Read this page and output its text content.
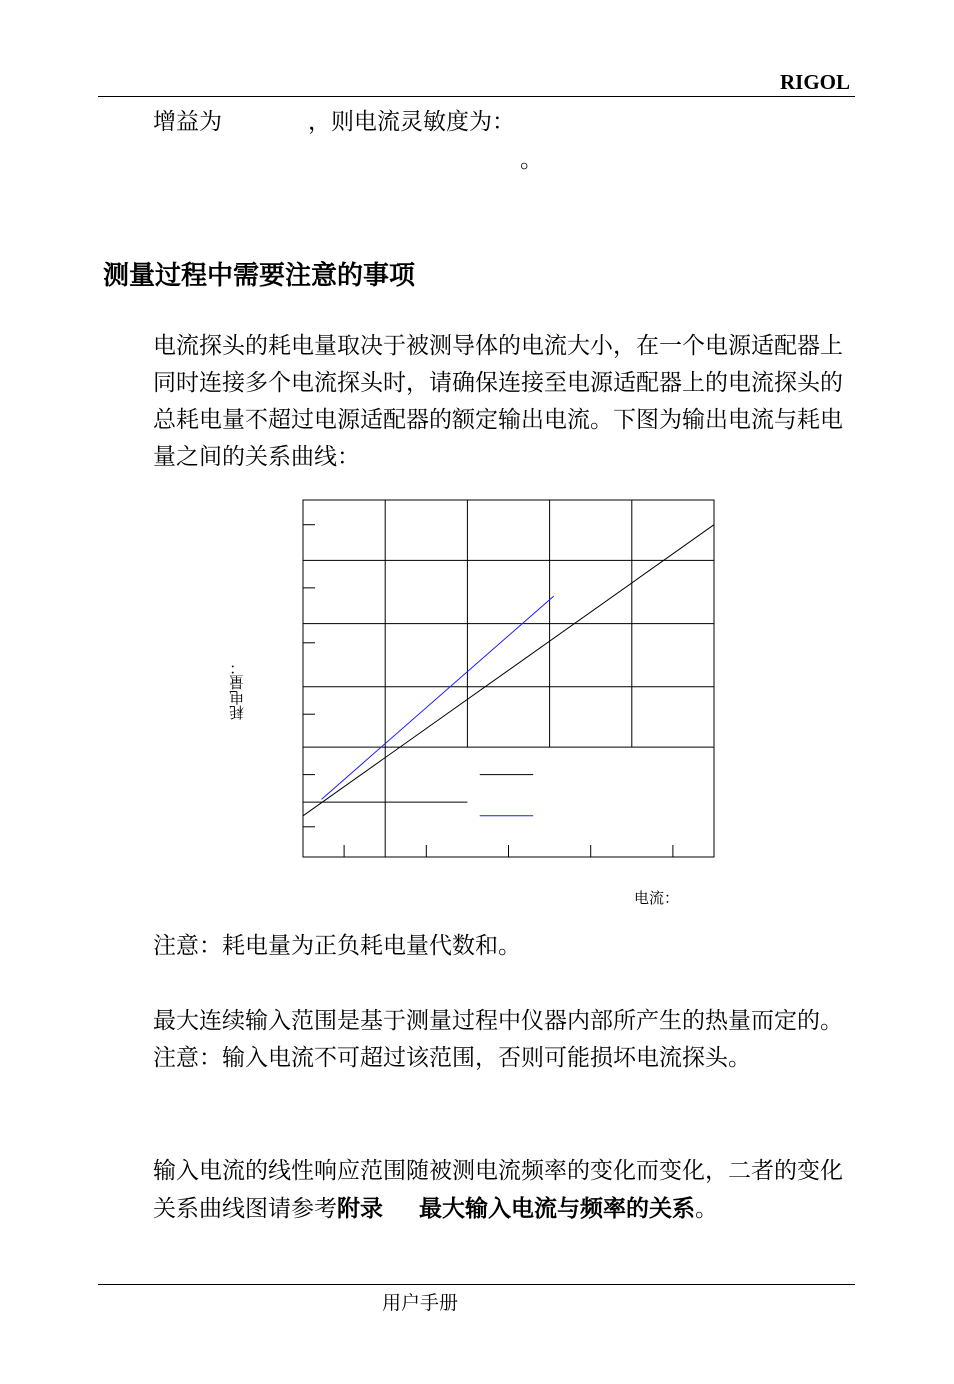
RIGOL
增益为	，则电流灵敏度为：
。
测量过程中需要注意的事项
电流探头的耗电量取决于被测导体的电流大小，在一个电源适配器上同时连接多个电流探头时，请确保连接至电源适配器上的电流探头的总耗电量不超过电源适配器的额定输出电流。下图为输出电流与耗电量之间的关系曲线：
耗电量：
电流：
注意：耗电量为正负耗电量代数和。
最大连续输入范围是基于测量过程中仪器内部所产生的热量而定的。注意：输入电流不可超过该范围，否则可能损坏电流探头。
输入电流的线性响应范围随被测电流频率的变化而变化，二者的变化关系曲线图请参考附录 最大输入电流与频率的关系。
用户手册
